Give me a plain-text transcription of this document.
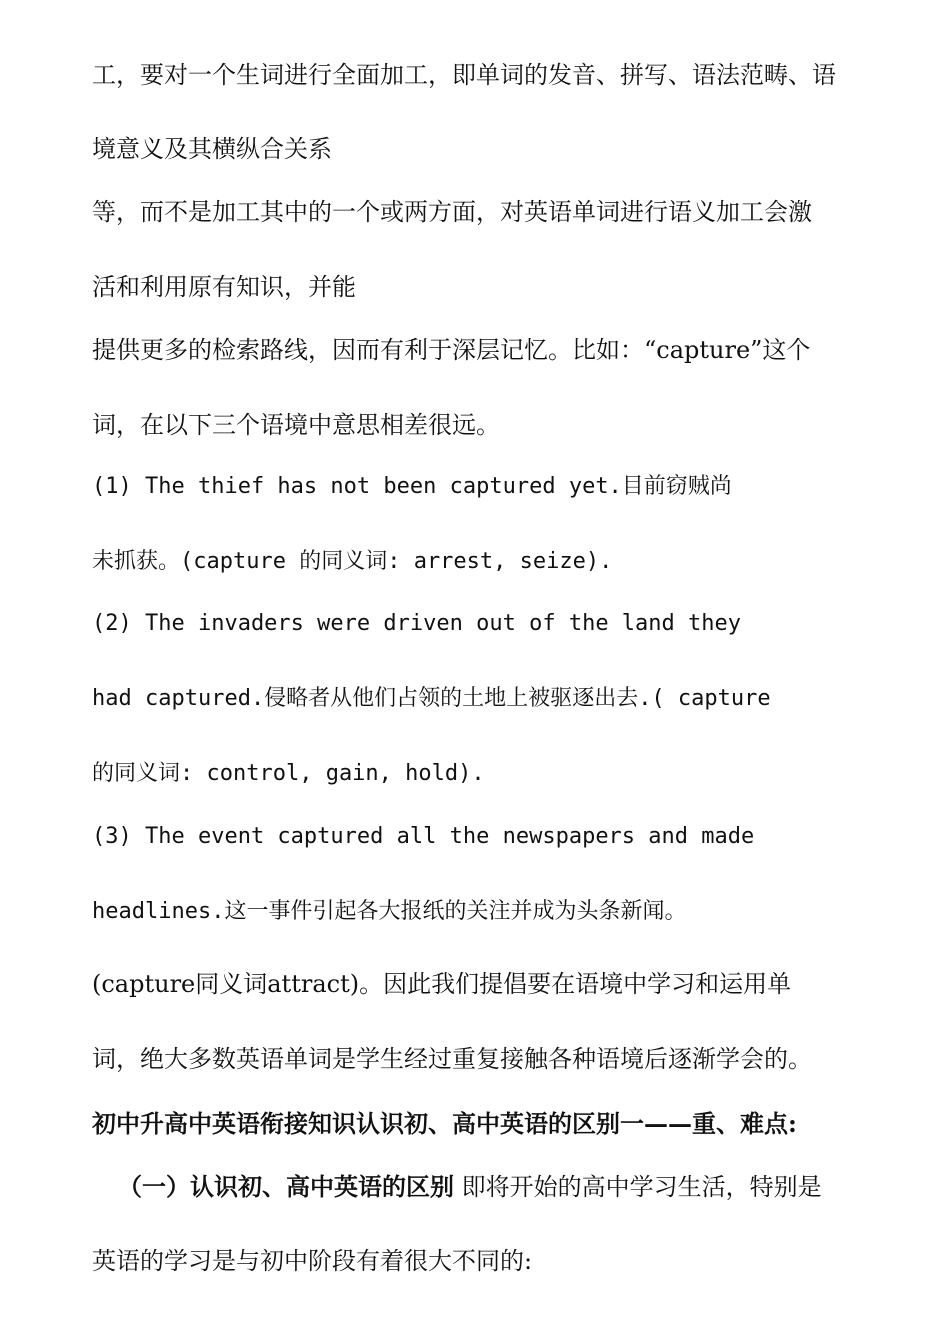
工，要对一个生词进行全面加工，即单词的发音、拼写、语法范畴、语
境意义及其横纵合关系
等，而不是加工其中的一个或两方面，对英语单词进行语义加工会激
活和利用原有知识，并能
提供更多的检索路线，因而有利于深层记忆。比如：“capture”这个
词，在以下三个语境中意思相差很远。
(1) The thief has not been captured yet.目前窃贼尚
未抓获。(capture 的同义词: arrest, seize).
(2) The invaders were driven out of the land they
had captured.侵略者从他们占领的土地上被驱逐出去.( capture
的同义词: control, gain, hold).
(3) The event captured all the newspapers and made
headlines.这一事件引起各大报纸的关注并成为头条新闻。
(capture同义词attract)。因此我们提倡要在语境中学习和运用单
词，绝大多数英语单词是学生经过重复接触各种语境后逐渐学会的。
初中升高中英语衔接知识认识初、高中英语的区别一——重、难点:
（一）认识初、高中英语的区别 即将开始的高中学习生活，特别是
英语的学习是与初中阶段有着很大不同的:
